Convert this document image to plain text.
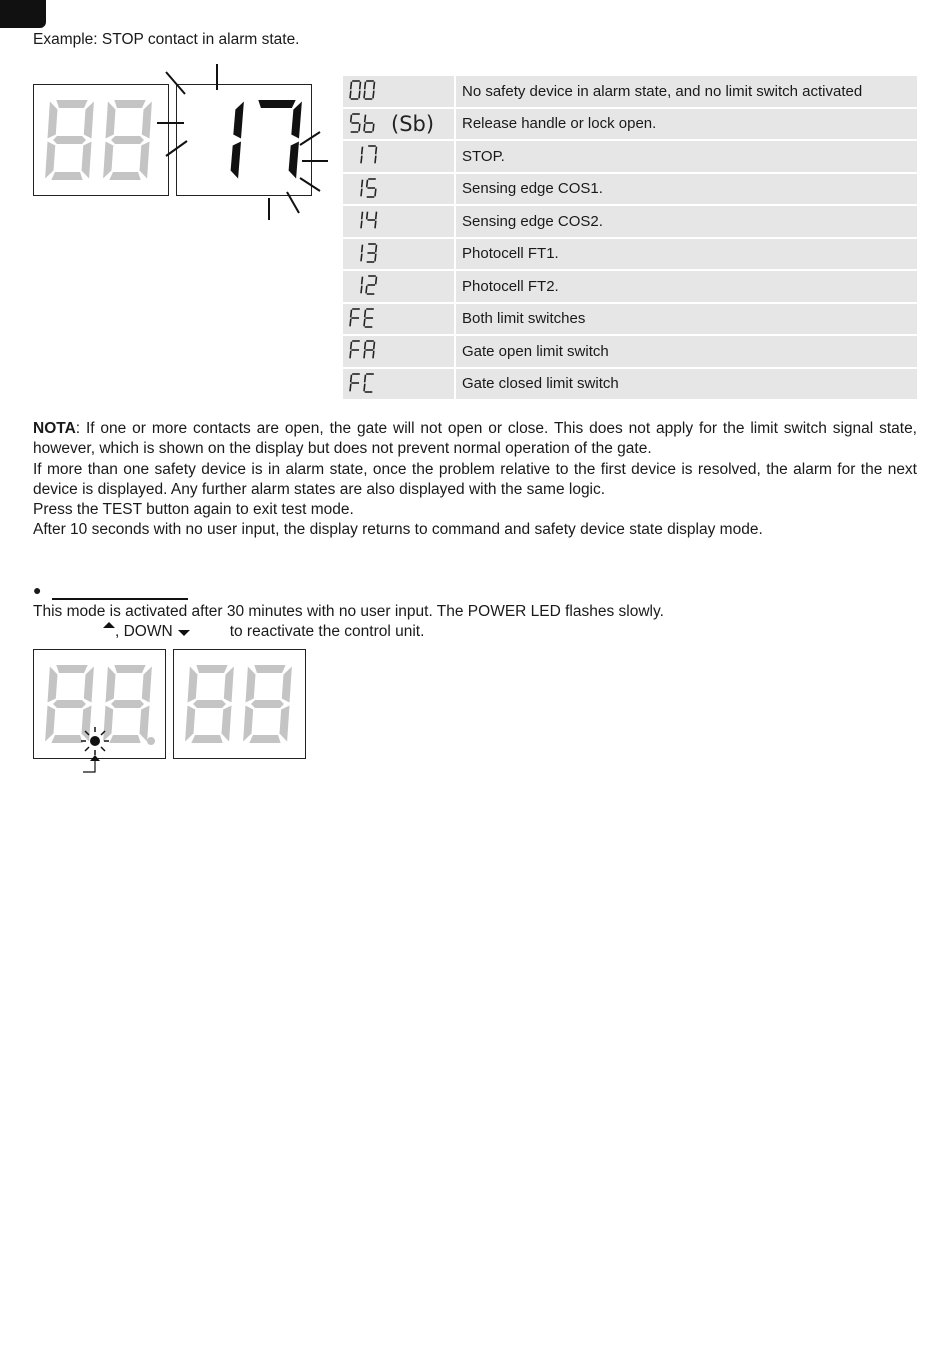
Example: STOP contact in alarm state.
	No safety device in alarm state, and no limit switch activated

(Sb)	Release handle or lock open.

	STOP.

	Sensing edge COS1.

	Sensing edge COS2.

	Photocell FT1.

	Photocell FT2.

	Both limit switches

	Gate open limit switch

	Gate closed limit switch
NOTA: If one or more contacts are open, the gate will not open or close. This does not apply for the limit switch signal state, however, which is shown on the display but does not prevent normal operation of the gate.
If more than one safety device is in alarm state, once the problem relative to the first device is resolved, the alarm for the next device is displayed. Any further alarm states are also displayed with the same logic.
Press the TEST button again to exit test mode.
After 10 seconds with no user input, the display returns to command and safety device state display mode.
●
This mode is activated after 30 minutes with no user input. The POWER LED flashes slowly.
, DOWN	to reactivate the control unit.
